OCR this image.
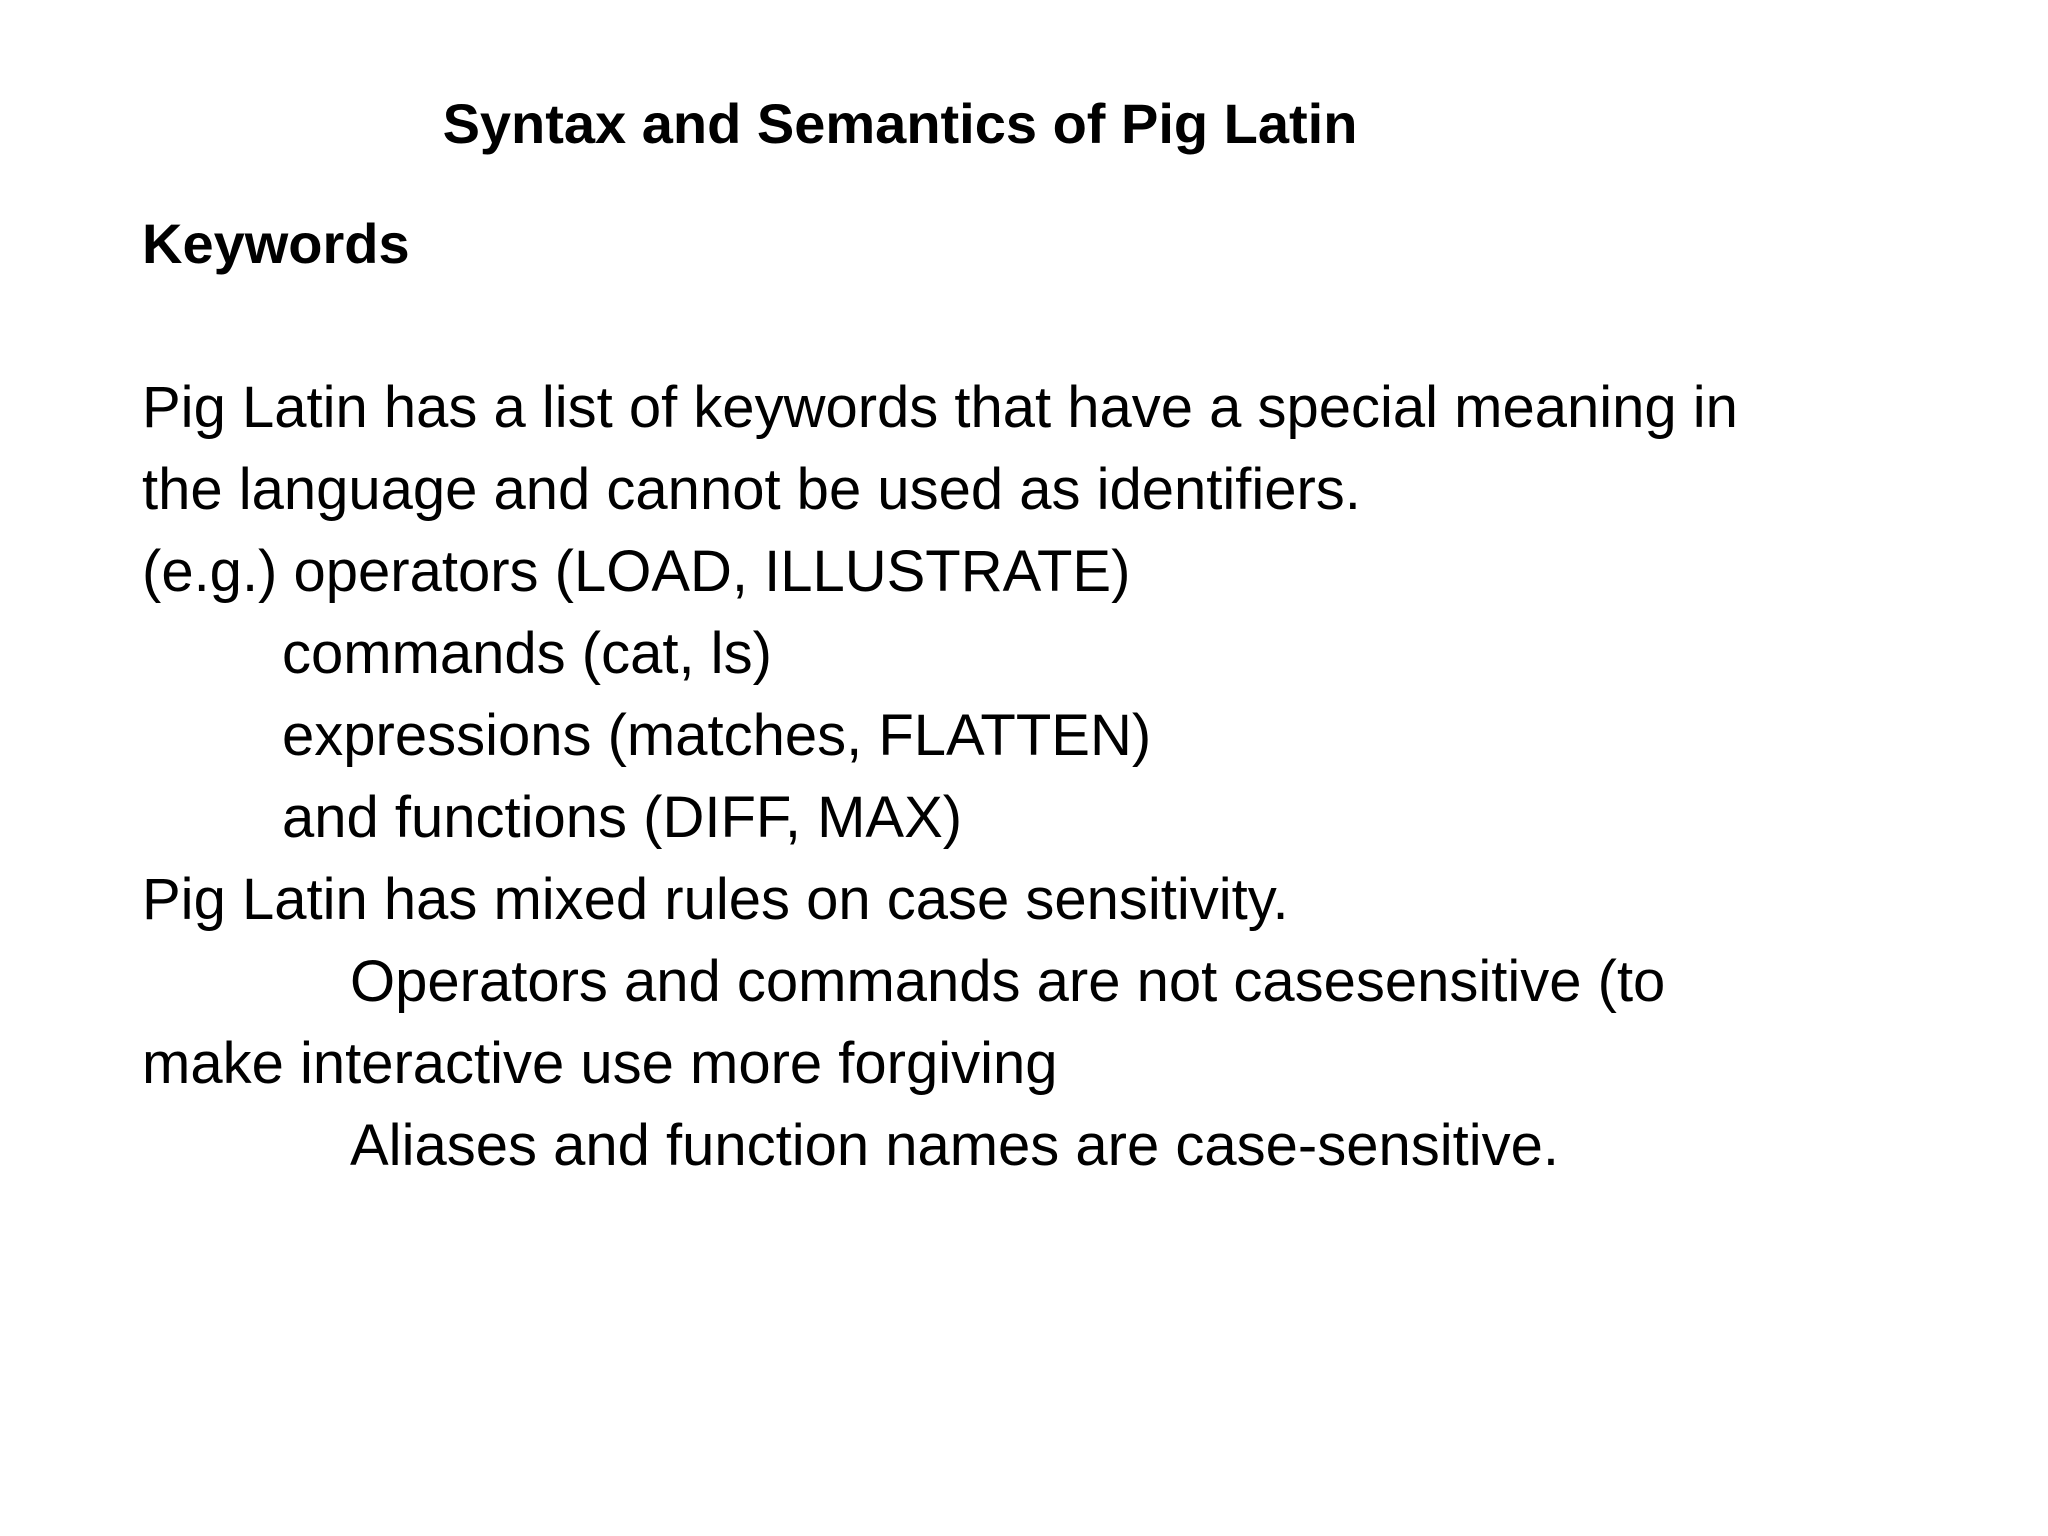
Syntax and Semantics of Pig Latin
Keywords
Pig Latin has a list of keywords that have a special meaning in
the language and cannot be used as identifiers.
(e.g.) operators (LOAD, ILLUSTRATE)
commands (cat, ls)
expressions (matches, FLATTEN)
and functions (DIFF, MAX)
Pig Latin has mixed rules on case sensitivity.
Operators and commands are not casesensitive (to
make interactive use more forgiving
Aliases and function names are case-sensitive.
